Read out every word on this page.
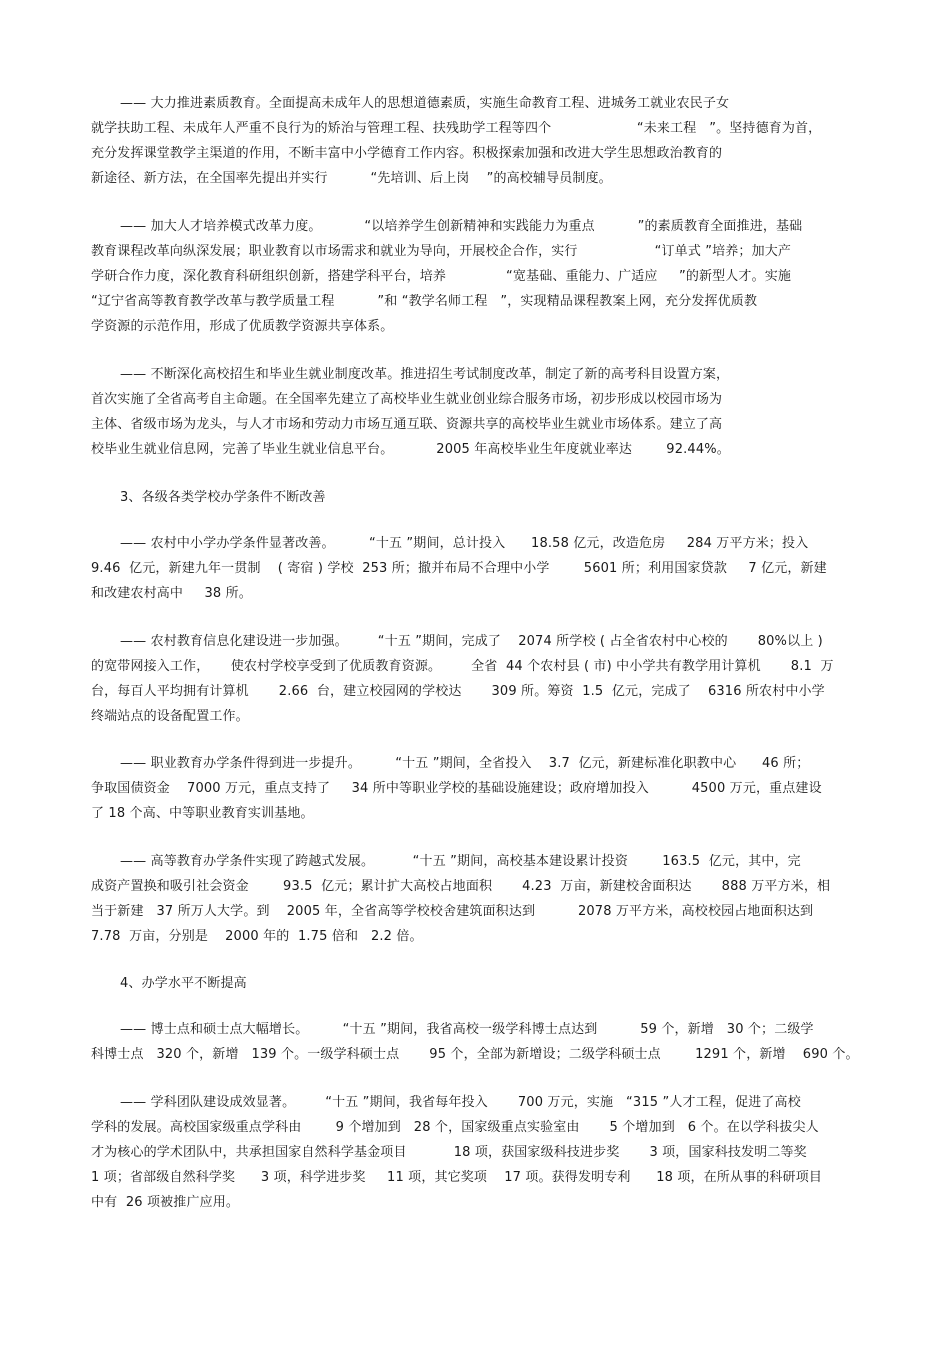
—— 大力推进素质教育。全面提高未成年人的思想道德素质，实施生命教育工程、进城务工就业农民子女
就学扶助工程、未成年人严重不良行为的矫治与管理工程、扶残助学工程等四个                    “未来工程   ”。坚持德育为首，
充分发挥课堂教学主渠道的作用，不断丰富中小学德育工作内容。积极探索加强和改进大学生思想政治教育的
新途径、新方法，在全国率先提出并实行          “先培训、后上岗    ”的高校辅导员制度。
—— 加大人才培养模式改革力度。          “以培养学生创新精神和实践能力为重点          ”的素质教育全面推进，基础
教育课程改革向纵深发展；职业教育以市场需求和就业为导向，开展校企合作，实行                  “订单式 ”培养；加大产
学研合作力度，深化教育科研组织创新，搭建学科平台，培养              “宽基础、重能力、广适应     ”的新型人才。实施
“辽宁省高等教育教学改革与教学质量工程          ”和 “教学名师工程   ”，实现精品课程教案上网，充分发挥优质教
学资源的示范作用，形成了优质教学资源共享体系。
—— 不断深化高校招生和毕业生就业制度改革。推进招生考试制度改革，制定了新的高考科目设置方案，
首次实施了全省高考自主命题。在全国率先建立了高校毕业生就业创业综合服务市场，初步形成以校园市场为
主体、省级市场为龙头，与人才市场和劳动力市场互通互联、资源共享的高校毕业生就业市场体系。建立了高
校毕业生就业信息网，完善了毕业生就业信息平台。          2005 年高校毕业生年度就业率达        92.44%。
3、各级各类学校办学条件不断改善
—— 农村中小学办学条件显著改善。        “十五 ”期间，总计投入      18.58 亿元，改造危房     284 万平方米；投入
9.46  亿元，新建九年一贯制    ( 寄宿 ) 学校  253 所；撤并布局不合理中小学        5601 所；利用国家贷款     7 亿元，新建
和改建农村高中     38 所。
—— 农村教育信息化建设进一步加强。       “十五 ”期间，完成了    2074 所学校 ( 占全省农村中心校的       80%以上 )
的宽带网接入工作，     使农村学校享受到了优质教育资源。       全省  44 个农村县 ( 市) 中小学共有教学用计算机       8.1  万
台，每百人平均拥有计算机       2.66  台，建立校园网的学校达       309 所。筹资  1.5  亿元，完成了    6316 所农村中小学
终端站点的设备配置工作。
—— 职业教育办学条件得到进一步提升。        “十五 ”期间，全省投入    3.7  亿元，新建标准化职教中心      46 所；
争取国债资金    7000 万元，重点支持了     34 所中等职业学校的基础设施建设；政府增加投入          4500 万元，重点建设
了 18 个高、中等职业教育实训基地。
—— 高等教育办学条件实现了跨越式发展。         “十五 ”期间，高校基本建设累计投资        163.5  亿元，其中，完
成资产置换和吸引社会资金        93.5  亿元；累计扩大高校占地面积       4.23  万亩，新建校舍面积达       888 万平方米，相
当于新建   37 所万人大学。到    2005 年，全省高等学校校舍建筑面积达到          2078 万平方米，高校校园占地面积达到
7.78  万亩，分别是    2000 年的  1.75 倍和   2.2 倍。
4、办学水平不断提高
—— 博士点和硕士点大幅增长。        “十五 ”期间，我省高校一级学科博士点达到          59 个，新增   30 个；二级学
科博士点   320 个，新增   139 个。一级学科硕士点       95 个，全部为新增设；二级学科硕士点        1291 个，新增    690 个。
—— 学科团队建设成效显著。       “十五 ”期间，我省每年投入       700 万元，实施   “315 ”人才工程，促进了高校
学科的发展。高校国家级重点学科由        9 个增加到   28 个，国家级重点实验室由       5 个增加到   6 个。在以学科拔尖人
才为核心的学术团队中，共承担国家自然科学基金项目           18 项，获国家级科技进步奖       3 项，国家科技发明二等奖
1 项；省部级自然科学奖      3 项，科学进步奖     11 项，其它奖项    17 项。获得发明专利      18 项，在所从事的科研项目
中有  26 项被推广应用。
